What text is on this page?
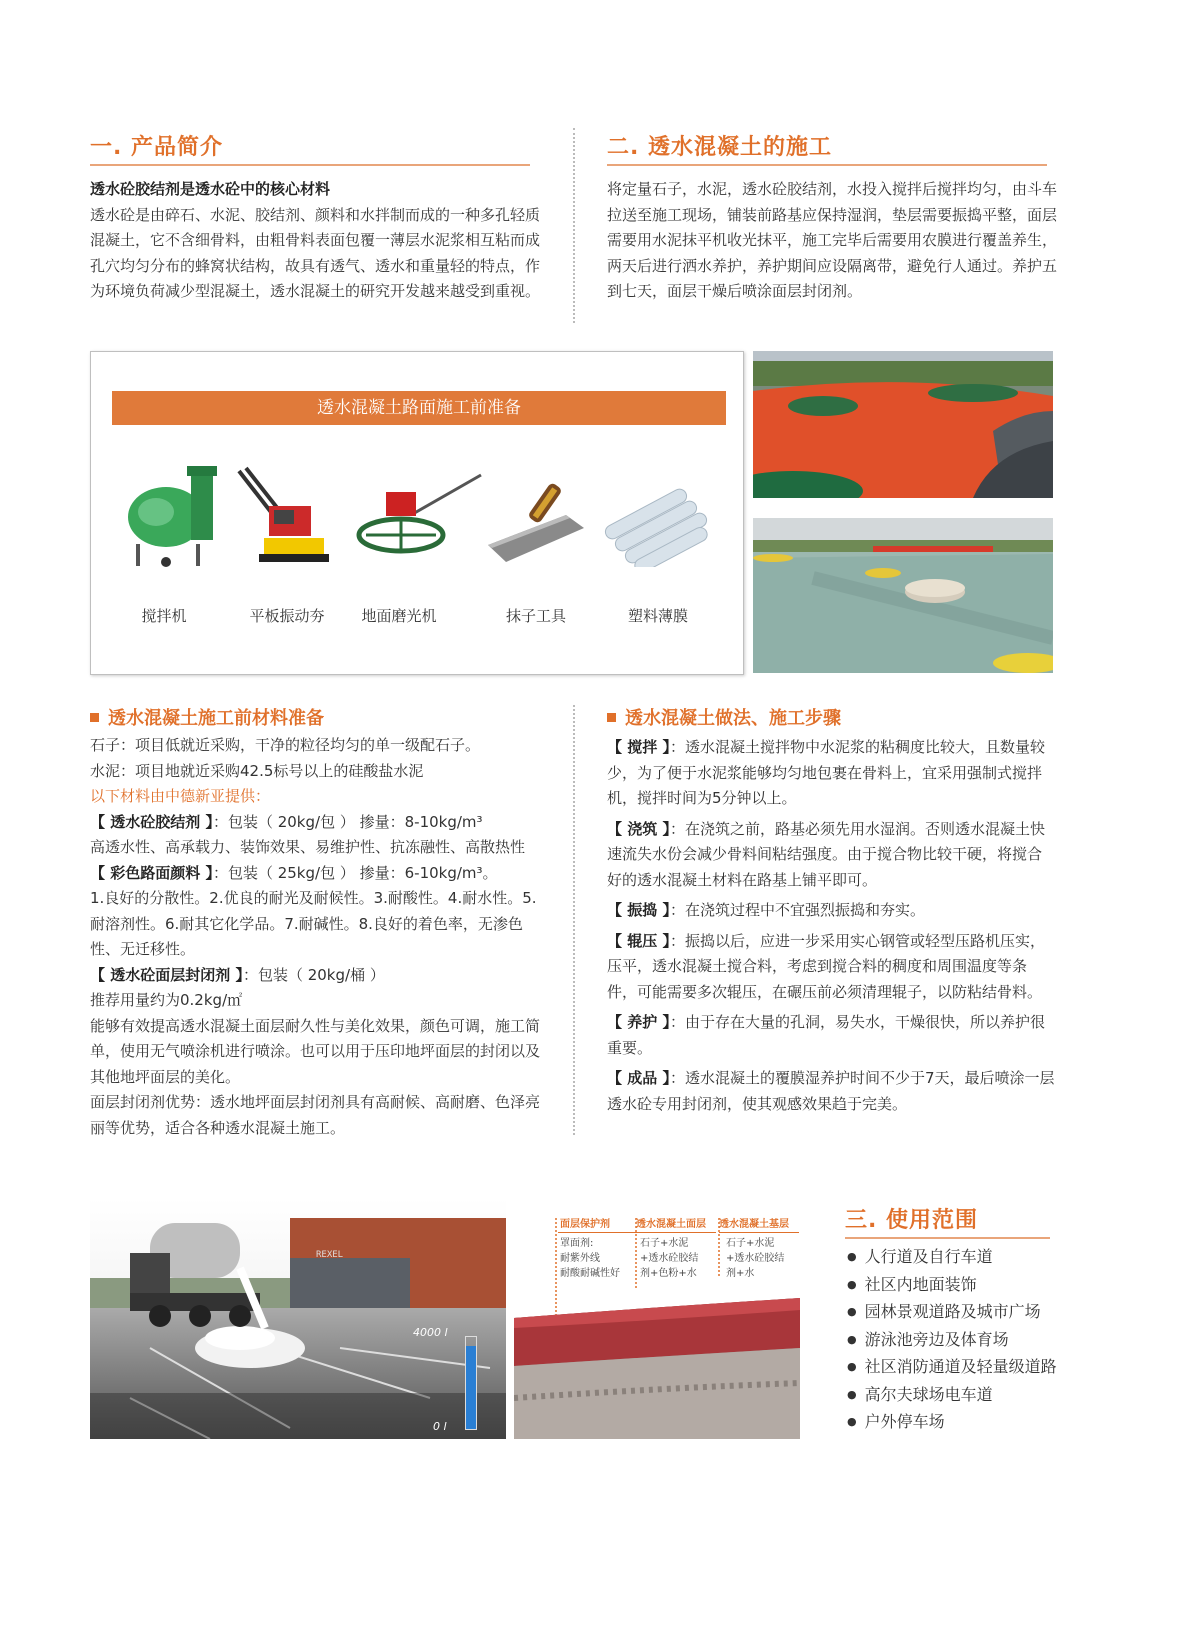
一. 产品简介

透水砼胶结剂是透水砼中的核心材料

透水砼是由碎石、水泥、胶结剂、颜料和水拌制而成的一种多孔轻质混凝土，它不含细骨料，由粗骨料表面包覆一薄层水泥浆相互粘而成孔穴均匀分布的蜂窝状结构，故具有透气、透水和重量轻的特点，作为环境负荷减少型混凝土，透水混凝土的研究开发越来越受到重视。

二. 透水混凝土的施工
将定量石子，水泥，透水砼胶结剂，水投入搅拌后搅拌均匀，由斗车拉送至施工现场，铺装前路基应保持湿润，垫层需要振捣平整，面层需要用水泥抹平机收光抹平，施工完毕后需要用农膜进行覆盖养生，两天后进行洒水养护，养护期间应设隔离带，避免行人通过。养护五到七天，面层干燥后喷涂面层封闭剂。
透水混凝土路面施工前准备
搅拌机	平板振动夯	地面磨光机	抹子工具	塑料薄膜
透水混凝土施工前材料准备

石子：项目低就近采购，干净的粒径均匀的单一级配石子。

水泥：项目地就近采购42.5标号以上的硅酸盐水泥

以下材料由中德新亚提供：

【 透水砼胶结剂 】：包装（ 20kg/包 ） 掺量：8-10kg/m³

高透水性、高承载力、装饰效果、易维护性、抗冻融性、高散热性

【 彩色路面颜料 】：包装（ 25kg/包 ） 掺量：6-10kg/m³。

1.良好的分散性。2.优良的耐光及耐候性。3.耐酸性。4.耐水性。5.耐溶剂性。6.耐其它化学品。7.耐碱性。8.良好的着色率，无渗色性、无迁移性。

【 透水砼面层封闭剂 】：包装（ 20kg/桶 ）

推荐用量约为0.2kg/㎡

能够有效提高透水混凝土面层耐久性与美化效果，颜色可调，施工简单，使用无气喷涂机进行喷涂。也可以用于压印地坪面层的封闭以及其他地坪面层的美化。

面层封闭剂优势：透水地坪面层封闭剂具有高耐候、高耐磨、色泽亮丽等优势，适合各种透水混凝土施工。

透水混凝土做法、施工步骤

【 搅拌 】：透水混凝土搅拌物中水泥浆的粘稠度比较大，且数量较少，为了便于水泥浆能够均匀地包裹在骨料上，宜采用强制式搅拌机，搅拌时间为5分钟以上。

【 浇筑 】：在浇筑之前，路基必须先用水湿润。否则透水混凝土快速流失水份会减少骨料间粘结强度。由于搅合物比较干硬，将搅合好的透水混凝土材料在路基上铺平即可。

【 振捣 】：在浇筑过程中不宜强烈振捣和夯实。

【 辊压 】：振捣以后，应进一步采用实心钢管或轻型压路机压实，压平，透水混凝土搅合料，考虑到搅合料的稠度和周围温度等条件，可能需要多次辊压，在碾压前必须清理辊子，以防粘结骨料。

【 养护 】：由于存在大量的孔洞，易失水，干燥很快，所以养护很重要。

【 成品 】：透水混凝土的覆膜湿养护时间不少于7天，最后喷涂一层透水砼专用封闭剂，使其观感效果趋于完美。

REXEL
4000 l
0 l
面层保护剂	透水混凝土面层 透水混凝土基层
罩面剂:
耐紫外线
耐酸耐碱性好
石子+水泥
+透水砼胶结
剂+色粉+水
石子+水泥
+透水砼胶结
剂+水
三. 使用范围
● 人行道及自行车道
● 社区内地面装饰
● 园林景观道路及城市广场
● 游泳池旁边及体育场
● 社区消防通道及轻量级道路
● 高尔夫球场电车道
● 户外停车场
